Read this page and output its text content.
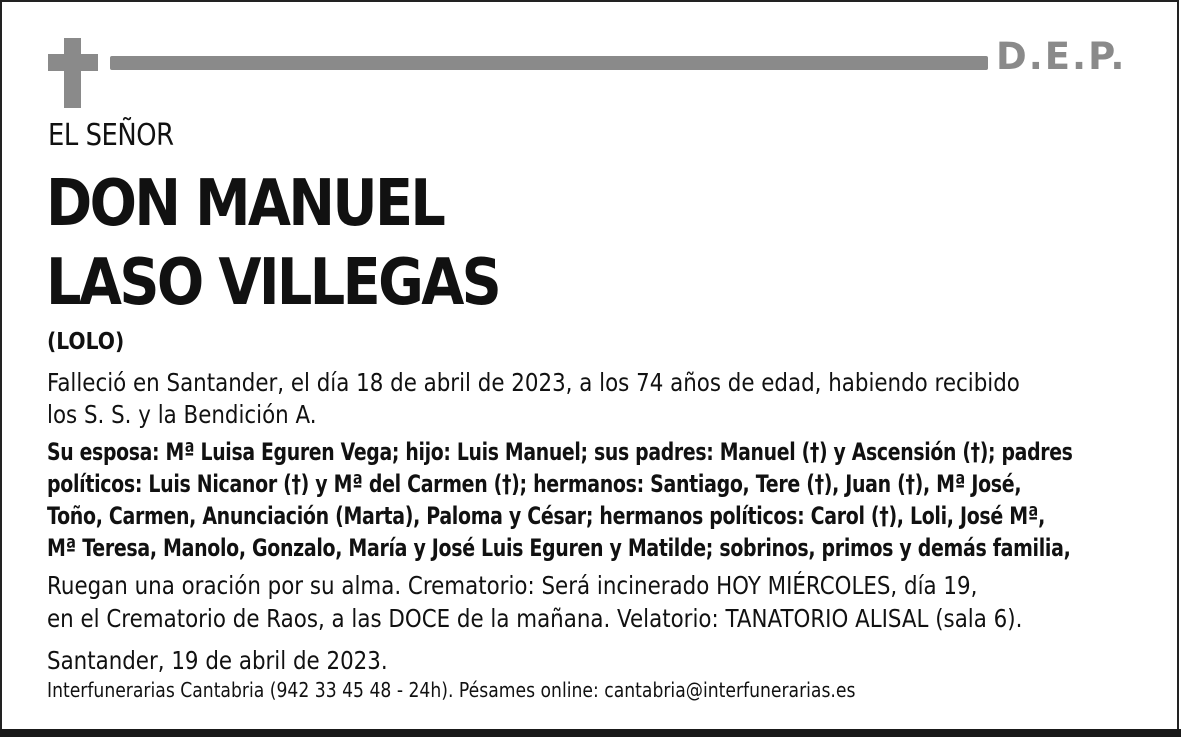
D.E.P.
EL SEÑOR
DON MANUEL
LASO VILLEGAS
(LOLO)
Falleció en Santander, el día 18 de abril de 2023, a los 74 años de edad, habiendo recibido
los S. S. y la Bendición A.
Su esposa: Mª Luisa Eguren Vega; hijo: Luis Manuel; sus padres: Manuel (†) y Ascensión (†); padres
políticos: Luis Nicanor (†) y Mª del Carmen (†); hermanos: Santiago, Tere (†), Juan (†), Mª José,
Toño, Carmen, Anunciación (Marta), Paloma y César; hermanos políticos: Carol (†), Loli, José Mª,
Mª Teresa, Manolo, Gonzalo, María y José Luis Eguren y Matilde; sobrinos, primos y demás familia,
Ruegan una oración por su alma. Crematorio: Será incinerado HOY MIÉRCOLES, día 19,
en el Crematorio de Raos, a las DOCE de la mañana. Velatorio: TANATORIO ALISAL (sala 6).
Santander, 19 de abril de 2023.
Interfunerarias Cantabria (942 33 45 48 - 24h). Pésames online: cantabria@interfunerarias.es
